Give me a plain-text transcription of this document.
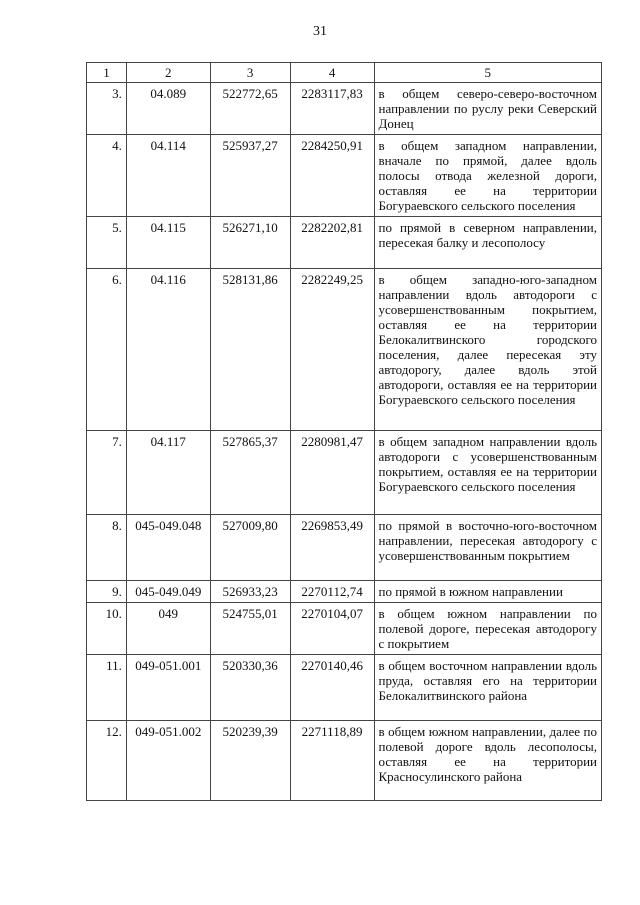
31
1	2	3	4	5
3.	04.089	522772,65	2283117,83	в общем северо-северо-восточном направлении по руслу реки Северский Донец
4.	04.114	525937,27	2284250,91	в общем западном направлении, вначале по прямой, далее вдоль полосы отвода железной дороги, оставляя ее на территории Богураевского сельского поселения
5.	04.115	526271,10	2282202,81	по прямой в северном направлении, пересекая балку и лесополосу
6.	04.116	528131,86	2282249,25	в общем западно-юго-западном направлении вдоль автодороги с усовершенствованным покрытием, оставляя ее на территории Белокалитвинского городского поселения, далее пересекая эту автодорогу, далее вдоль этой автодороги, оставляя ее на территории Богураевского сельского поселения
7.	04.117	527865,37	2280981,47	в общем западном направлении вдоль автодороги с усовершенствованным покрытием, оставляя ее на территории Богураевского сельского поселения
8.	045-049.048	527009,80	2269853,49	по прямой в восточно-юго-восточном направлении, пересекая автодорогу с усовершенствованным покрытием
9.	045-049.049	526933,23	2270112,74	по прямой в южном направлении
10.	049	524755,01	2270104,07	в общем южном направлении по полевой дороге, пересекая автодорогу с покрытием
11.	049-051.001	520330,36	2270140,46	в общем восточном направлении вдоль пруда, оставляя его на территории Белокалитвинского района
12.	049-051.002	520239,39	2271118,89	в общем южном направлении, далее по полевой дороге вдоль лесополосы, оставляя ее на территории Красносулинского района
